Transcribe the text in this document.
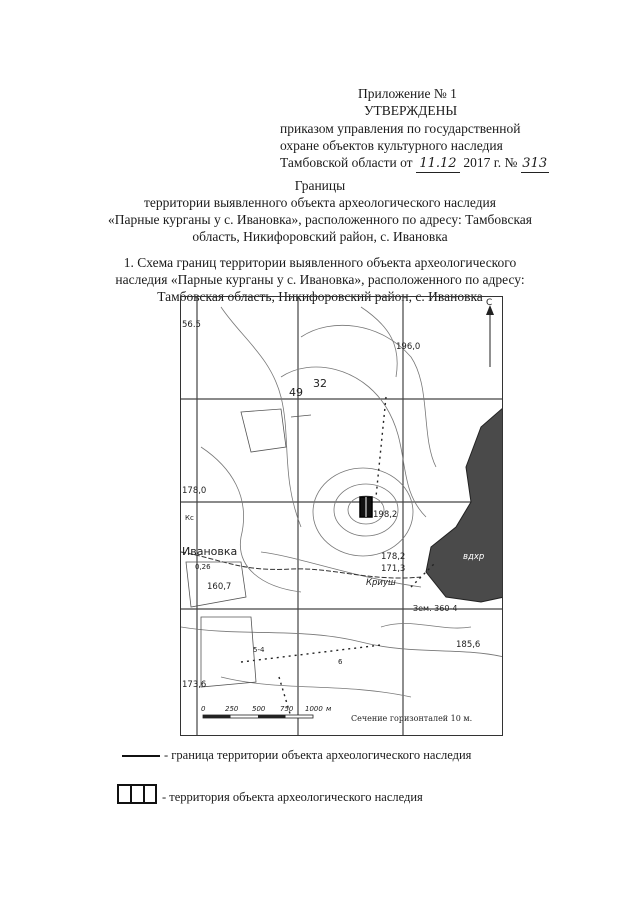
Приложение № 1
УТВЕРЖДЕНЫ
приказом управления по государственной
охране объектов культурного наследия
Тамбовской области от 11.12 2017 г. № 313
Границы
территории выявленного объекта археологического наследия
«Парные курганы у с. Ивановка», расположенного по адресу: Тамбовская
область, Никифоровский район, с. Ивановка
1. Схема границ территории выявленного объекта археологического
наследия «Парные курганы у с. Ивановка», расположенного по адресу:
Тамбовская область, Никифоровский район, с. Ивановка
56.5
196,0
49
32
178,0
198,2
Кс
Ивановка
0,26
178,2
171,3
160,7	Криуш
вдхр
Зем. 360-4
185,6
173,6
5-4
6
С
0	250 500 750 1000 м
Сечение горизонталей 10 м.
- граница территории объекта археологического наследия
- территория объекта археологического наследия
